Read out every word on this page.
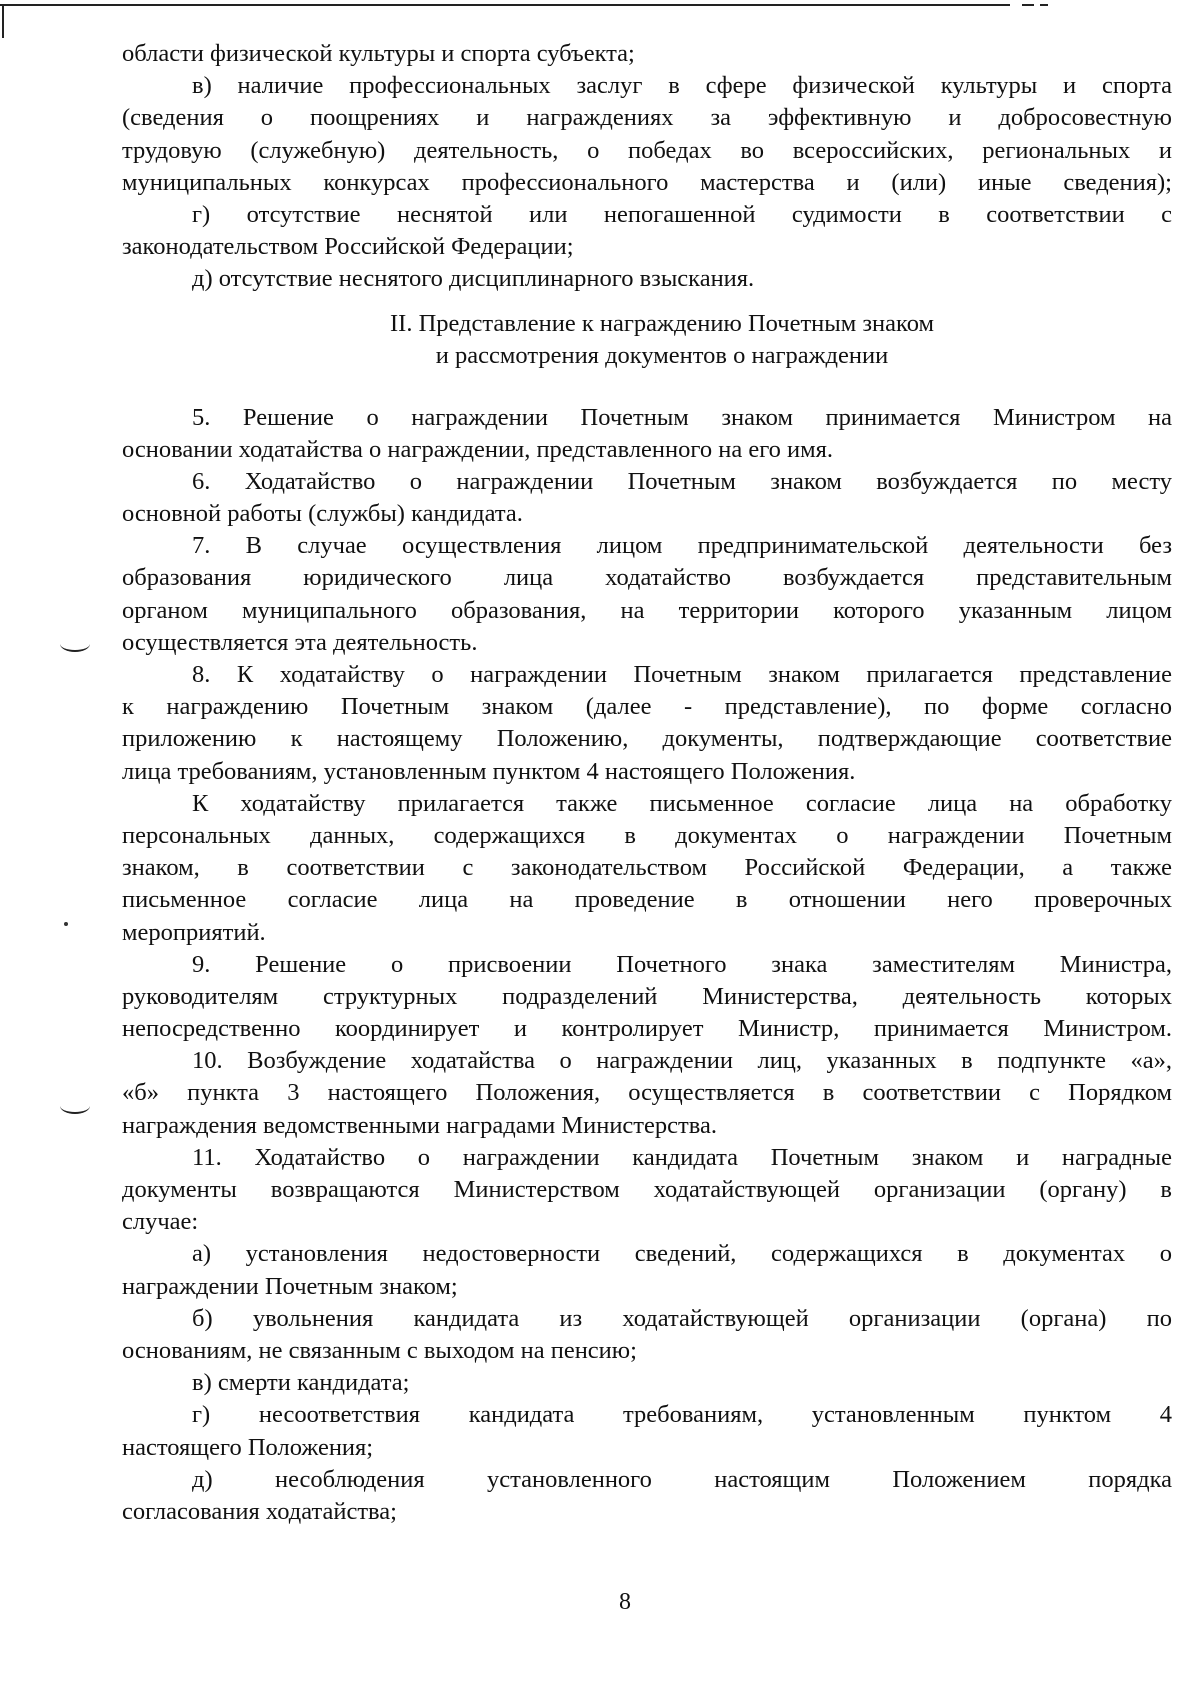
области физической культуры и спорта субъекта;
в) наличие профессиональных заслуг в сфере физической культуры и спорта
(сведения о поощрениях и награждениях за эффективную и добросовестную
трудовую (служебную) деятельность, о победах во всероссийских, региональных и
муниципальных конкурсах профессионального мастерства и (или) иные сведения);
г) отсутствие неснятой или непогашенной судимости в соответствии с
законодательством Российской Федерации;
д) отсутствие неснятого дисциплинарного взыскания.
II. Представление к награждению Почетным знаком
и рассмотрения документов о награждении
5. Решение о награждении Почетным знаком принимается Министром на
основании ходатайства о награждении, представленного на его имя.
6. Ходатайство о награждении Почетным знаком возбуждается по месту
основной работы (службы) кандидата.
7. В случае осуществления лицом предпринимательской деятельности без
образования юридического лица ходатайство возбуждается представительным
органом муниципального образования, на территории которого указанным лицом
осуществляется эта деятельность.
8. К ходатайству о награждении Почетным знаком прилагается представление
к награждению Почетным знаком (далее - представление), по форме согласно
приложению к настоящему Положению, документы, подтверждающие соответствие
лица требованиям, установленным пунктом 4 настоящего Положения.
К ходатайству прилагается также письменное согласие лица на обработку
персональных данных, содержащихся в документах о награждении Почетным
знаком, в соответствии с законодательством Российской Федерации, а также
письменное согласие лица на проведение в отношении него проверочных
мероприятий.
9. Решение о присвоении Почетного знака заместителям Министра,
руководителям структурных подразделений Министерства, деятельность которых
непосредственно координирует и контролирует Министр, принимается Министром.
10. Возбуждение ходатайства о награждении лиц, указанных в подпункте «а»,
«б» пункта 3 настоящего Положения, осуществляется в соответствии с Порядком
награждения ведомственными наградами Министерства.
11. Ходатайство о награждении кандидата Почетным знаком и наградные
документы возвращаются Министерством ходатайствующей организации (органу) в
случае:
а) установления недостоверности сведений, содержащихся в документах о
награждении Почетным знаком;
б) увольнения кандидата из ходатайствующей организации (органа) по
основаниям, не связанным с выходом на пенсию;
в) смерти кандидата;
г) несоответствия кандидата требованиям, установленным пунктом 4
настоящего Положения;
д) несоблюдения установленного настоящим Положением порядка
согласования ходатайства;
8
